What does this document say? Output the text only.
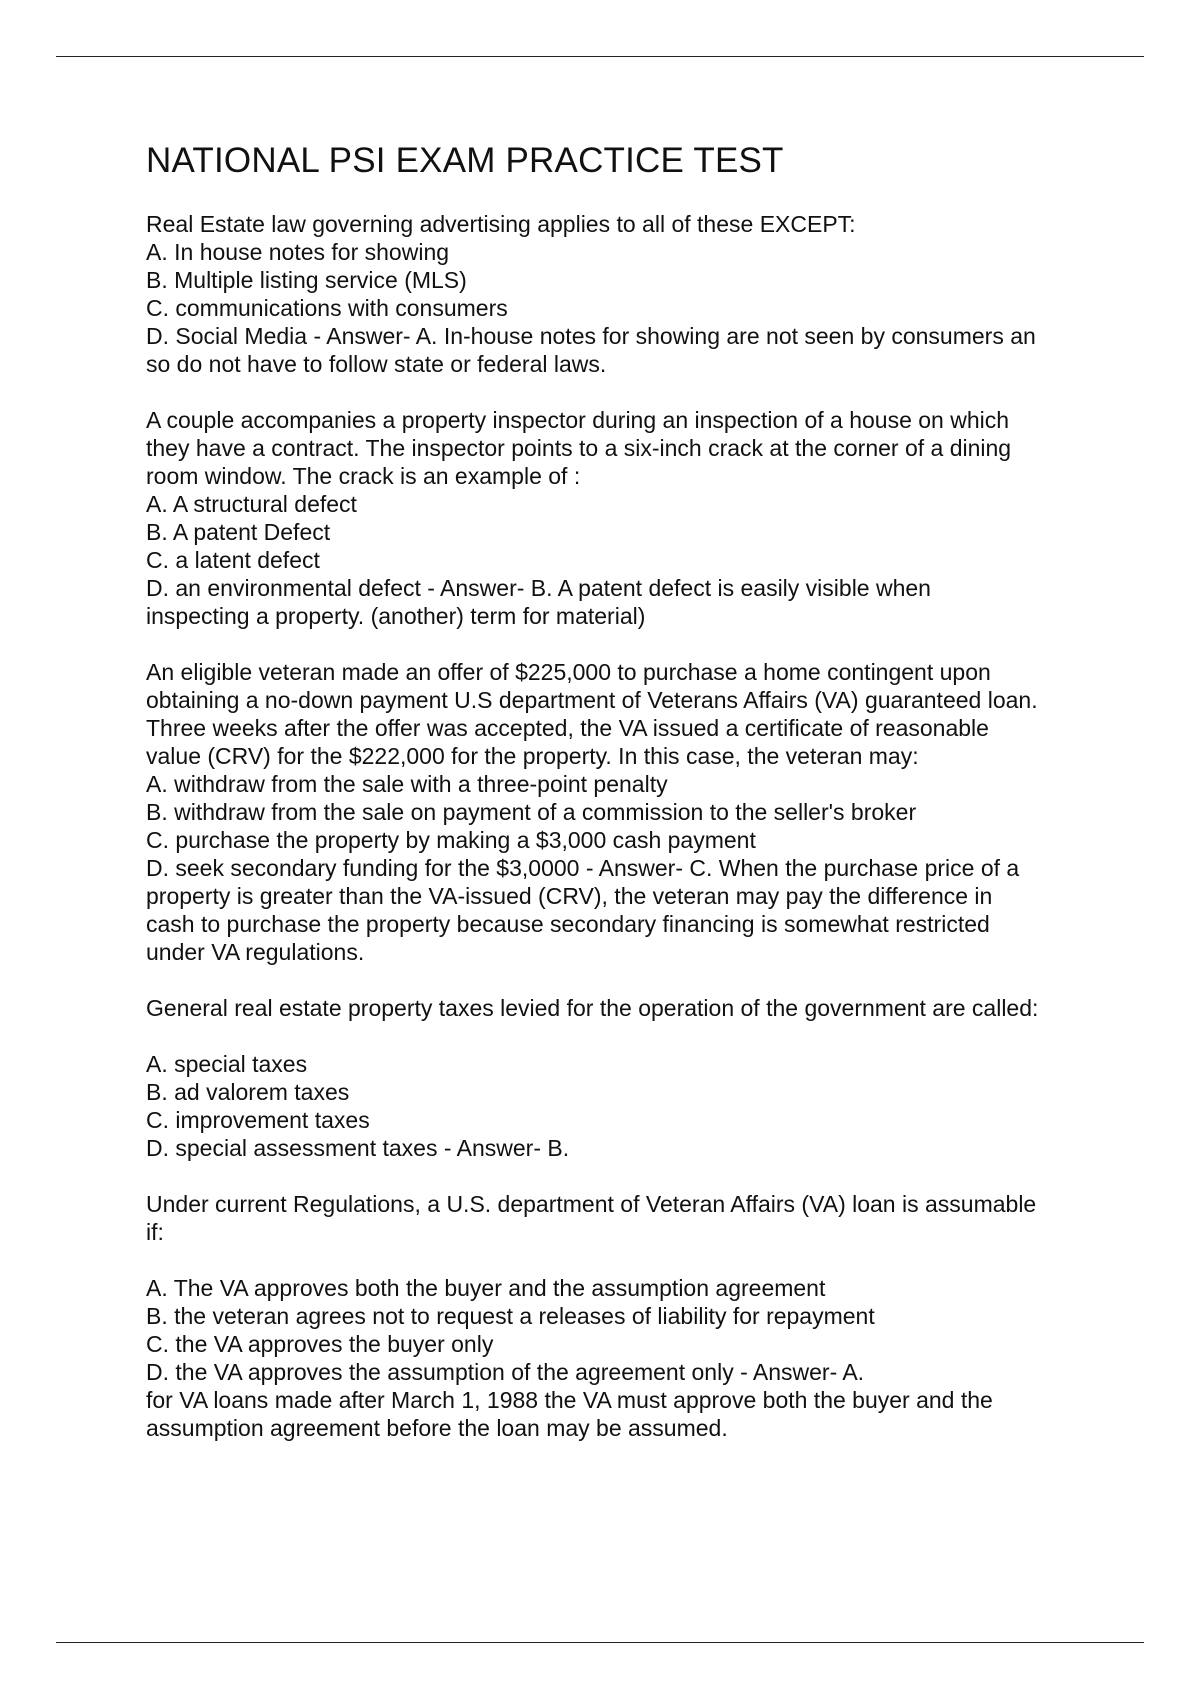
NATIONAL PSI EXAM PRACTICE TEST
Real Estate law governing advertising applies to all of these EXCEPT:
A. In house notes for showing
B. Multiple listing service (MLS)
C. communications with consumers
D. Social Media - Answer- A. In-house notes for showing are not seen by consumers an
so do not have to follow state or federal laws.
A couple accompanies a property inspector during an inspection of a house on which
they have a contract. The inspector points to a six-inch crack at the corner of a dining
room window. The crack is an example of :
A. A structural defect
B. A patent Defect
C. a latent defect
D. an environmental defect - Answer- B. A patent defect is easily visible when
inspecting a property. (another) term for material)
An eligible veteran made an offer of $225,000 to purchase a home contingent upon
obtaining a no-down payment U.S department of Veterans Affairs (VA) guaranteed loan.
Three weeks after the offer was accepted, the VA issued a certificate of reasonable
value (CRV) for the $222,000 for the property. In this case, the veteran may:
A. withdraw from the sale with a three-point penalty
B. withdraw from the sale on payment of a commission to the seller's broker
C. purchase the property by making a $3,000 cash payment
D. seek secondary funding for the $3,0000 - Answer- C. When the purchase price of a
property is greater than the VA-issued (CRV), the veteran may pay the difference in
cash to purchase the property because secondary financing is somewhat restricted
under VA regulations.
General real estate property taxes levied for the operation of the government are called:
A. special taxes
B. ad valorem taxes
C. improvement taxes
D. special assessment taxes - Answer- B.
Under current Regulations, a U.S. department of Veteran Affairs (VA) loan is assumable
if:
A. The VA approves both the buyer and the assumption agreement
B. the veteran agrees not to request a releases of liability for repayment
C. the VA approves the buyer only
D. the VA approves the assumption of the agreement only - Answer- A.
for VA loans made after March 1, 1988 the VA must approve both the buyer and the
assumption agreement before the loan may be assumed.
